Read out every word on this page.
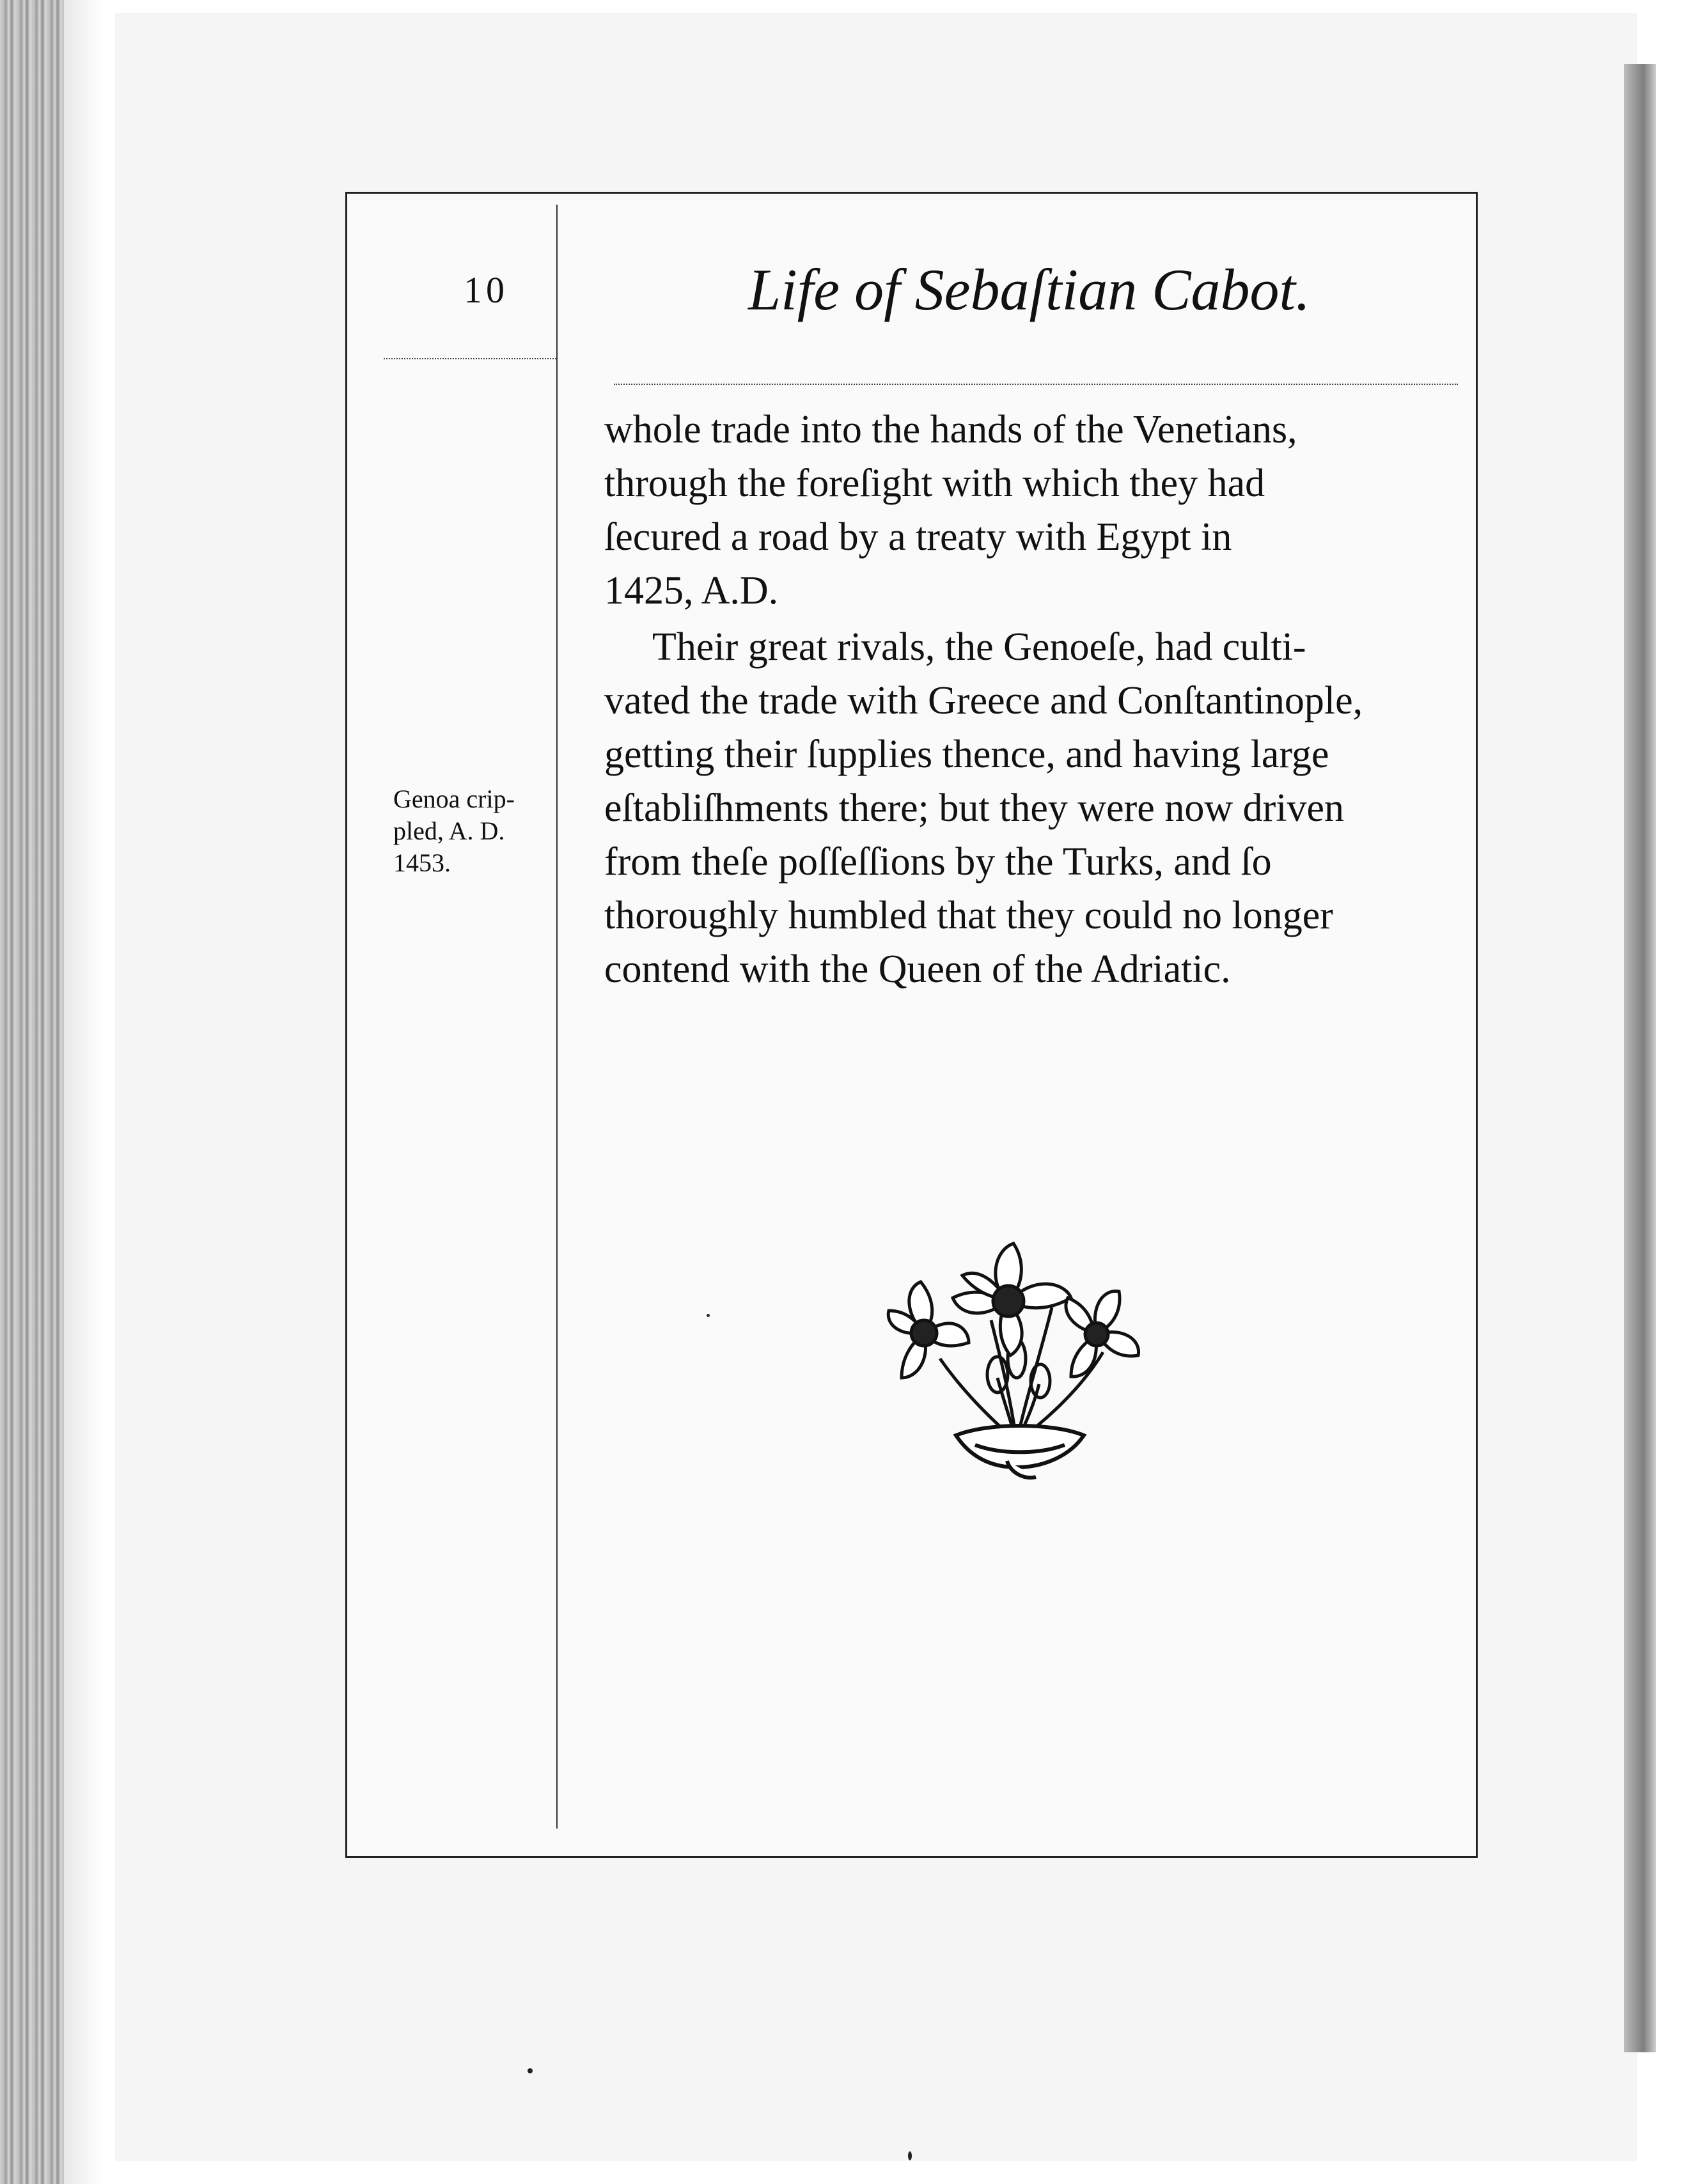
10	Life of Sebaſtian Cabot.

whole trade into the hands of the Venetians,
through the foreſight with which they had
ſecured a road by a treaty with Egypt in
1425, A.D.

Their great rivals, the Genoeſe, had culti-
vated the trade with Greece and Conſtantinople,
getting their ſupplies thence, and having large
eſtabliſhments there; but they were now driven
from theſe poſſeſſions by the Turks, and ſo
thoroughly humbled that they could no longer
contend with the Queen of the Adriatic.

Genoa crip-
pled, A. D.
1453.
